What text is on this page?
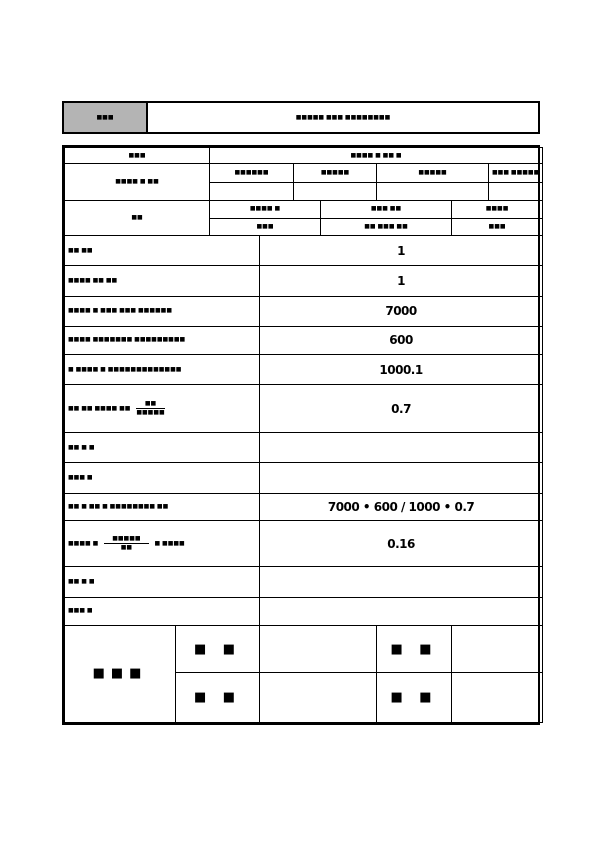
■■■	■■■■■ ■■■ ■■■■■■■■
■■■		■■■■ ■ ■■ ■						
■■■■ ■ ■■		■■■■■■		■■■■■		■■■■■		■■■ ■■■■■

■■		■■■■ ■			■■■ ■■		■■■■	
		■■■			■■ ■■■ ■■		■■■	
■■ ■■			1					
■■■■ ■■ ■■			1					
■■■■ ■ ■■■ ■■■ ■■■■■■			7000					
■■■■ ■■■■■■■ ■■■■■■■■■			600					
■ ■■■■ ■ ■■■■■■■■■■■■■			1000.1					
■■ ■■ ■■■■ ■■ $\frac{■■}{■■■■■}$			0.7					
■■ ■ ■								
■■■ ■								
■■ ■ ■■ ■ ■■■■■■■■ ■■			7000 • 600 / 1000 • 0.7					
■■■■ ■ $\frac{■■■■■}{■■}$ ■ ■■■■			0.16					
■■ ■ ■								
■■■ ■								
■■■	■ ■					■ ■		
	■ ■					■ ■		
